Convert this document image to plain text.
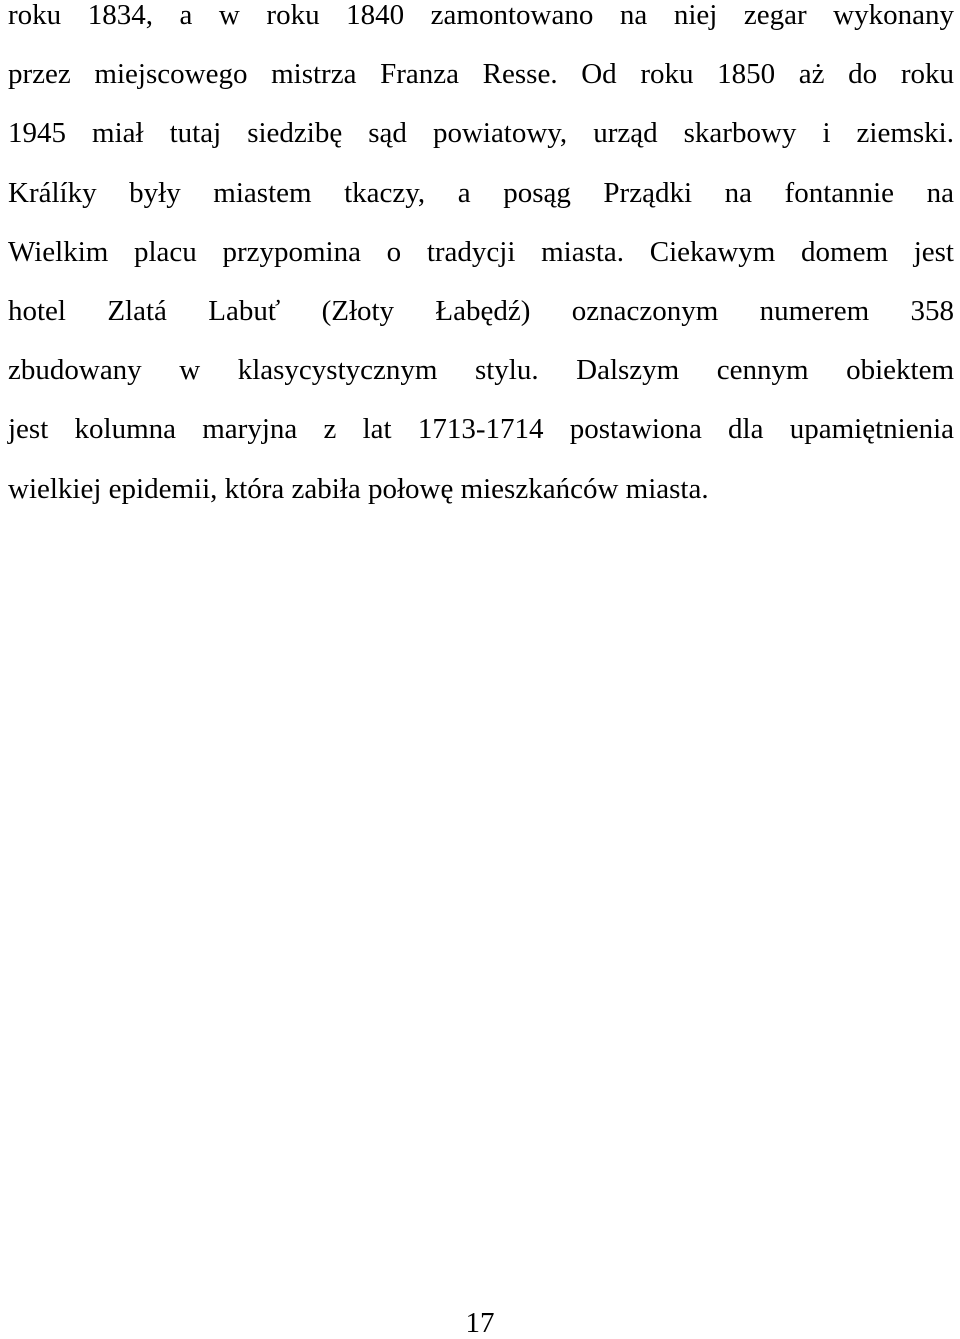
roku 1834, a w roku 1840 zamontowano na niej zegar wykonany
przez miejscowego mistrza Franza Resse. Od roku 1850 aż do roku
1945 miał tutaj siedzibę sąd powiatowy, urząd skarbowy i ziemski.
Králíky były miastem tkaczy, a posąg Prządki na fontannie na
Wielkim placu przypomina o tradycji miasta. Ciekawym domem jest
hotel Zlatá Labuť (Złoty Łabędź) oznaczonym numerem 358
zbudowany w klasycystycznym stylu. Dalszym cennym obiektem
jest kolumna maryjna z lat 1713-1714 postawiona dla upamiętnienia
wielkiej epidemii, która zabiła połowę mieszkańców miasta.
17
